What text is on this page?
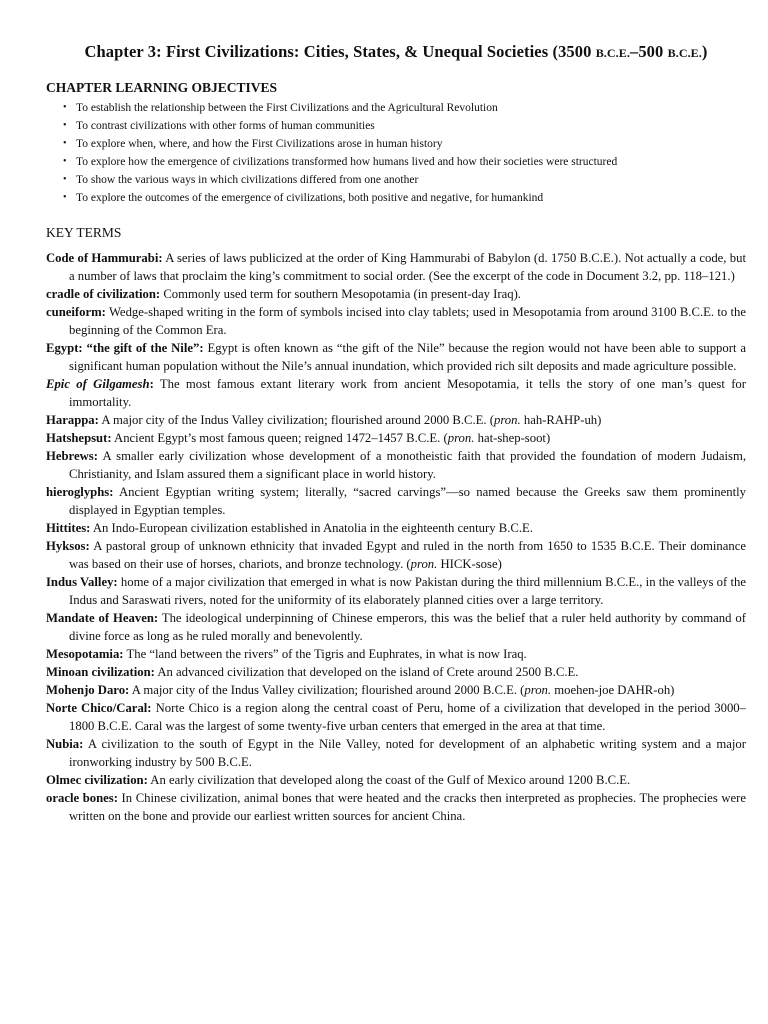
Chapter 3: First Civilizations: Cities, States, & Unequal Societies (3500 B.C.E.–500 B.C.E.)
CHAPTER LEARNING OBJECTIVES
• To establish the relationship between the First Civilizations and the Agricultural Revolution
• To contrast civilizations with other forms of human communities
• To explore when, where, and how the First Civilizations arose in human history
• To explore how the emergence of civilizations transformed how humans lived and how their societies were structured
• To show the various ways in which civilizations differed from one another
• To explore the outcomes of the emergence of civilizations, both positive and negative, for humankind
KEY TERMS

Code of Hammurabi: A series of laws publicized at the order of King Hammurabi of Babylon (d. 1750 B.C.E.). Not actually a code, but a number of laws that proclaim the king’s commitment to social order. (See the excerpt of the code in Document 3.2, pp. 118–121.)

cradle of civilization: Commonly used term for southern Mesopotamia (in present-day Iraq).

cuneiform: Wedge-shaped writing in the form of symbols incised into clay tablets; used in Mesopotamia from around 3100 B.C.E. to the beginning of the Common Era.

Egypt: “the gift of the Nile”: Egypt is often known as “the gift of the Nile” because the region would not have been able to support a significant human population without the Nile’s annual inundation, which provided rich silt deposits and made agriculture possible.

Epic of Gilgamesh: The most famous extant literary work from ancient Mesopotamia, it tells the story of one man’s quest for immortality.

Harappa: A major city of the Indus Valley civilization; flourished around 2000 B.C.E. (pron. hah-RAHP-uh)

Hatshepsut: Ancient Egypt’s most famous queen; reigned 1472–1457 B.C.E. (pron. hat-shep-soot)

Hebrews: A smaller early civilization whose development of a monotheistic faith that provided the foundation of modern Judaism, Christianity, and Islam assured them a significant place in world history.

hieroglyphs: Ancient Egyptian writing system; literally, “sacred carvings”—so named because the Greeks saw them prominently displayed in Egyptian temples.

Hittites: An Indo-European civilization established in Anatolia in the eighteenth century B.C.E.

Hyksos: A pastoral group of unknown ethnicity that invaded Egypt and ruled in the north from 1650 to 1535 B.C.E. Their dominance was based on their use of horses, chariots, and bronze technology. (pron. HICK-sose)

Indus Valley: home of a major civilization that emerged in what is now Pakistan during the third millennium B.C.E., in the valleys of the Indus and Saraswati rivers, noted for the uniformity of its elaborately planned cities over a large territory.

Mandate of Heaven: The ideological underpinning of Chinese emperors, this was the belief that a ruler held authority by command of divine force as long as he ruled morally and benevolently.

Mesopotamia: The “land between the rivers” of the Tigris and Euphrates, in what is now Iraq.

Minoan civilization: An advanced civilization that developed on the island of Crete around 2500 B.C.E.

Mohenjo Daro: A major city of the Indus Valley civilization; flourished around 2000 B.C.E. (pron. moehen-joe DAHR-oh)

Norte Chico/Caral: Norte Chico is a region along the central coast of Peru, home of a civilization that developed in the period 3000–1800 B.C.E. Caral was the largest of some twenty-five urban centers that emerged in the area at that time.

Nubia: A civilization to the south of Egypt in the Nile Valley, noted for development of an alphabetic writing system and a major ironworking industry by 500 B.C.E.

Olmec civilization: An early civilization that developed along the coast of the Gulf of Mexico around 1200 B.C.E.

oracle bones: In Chinese civilization, animal bones that were heated and the cracks then interpreted as prophecies. The prophecies were written on the bone and provide our earliest written sources for ancient China.
